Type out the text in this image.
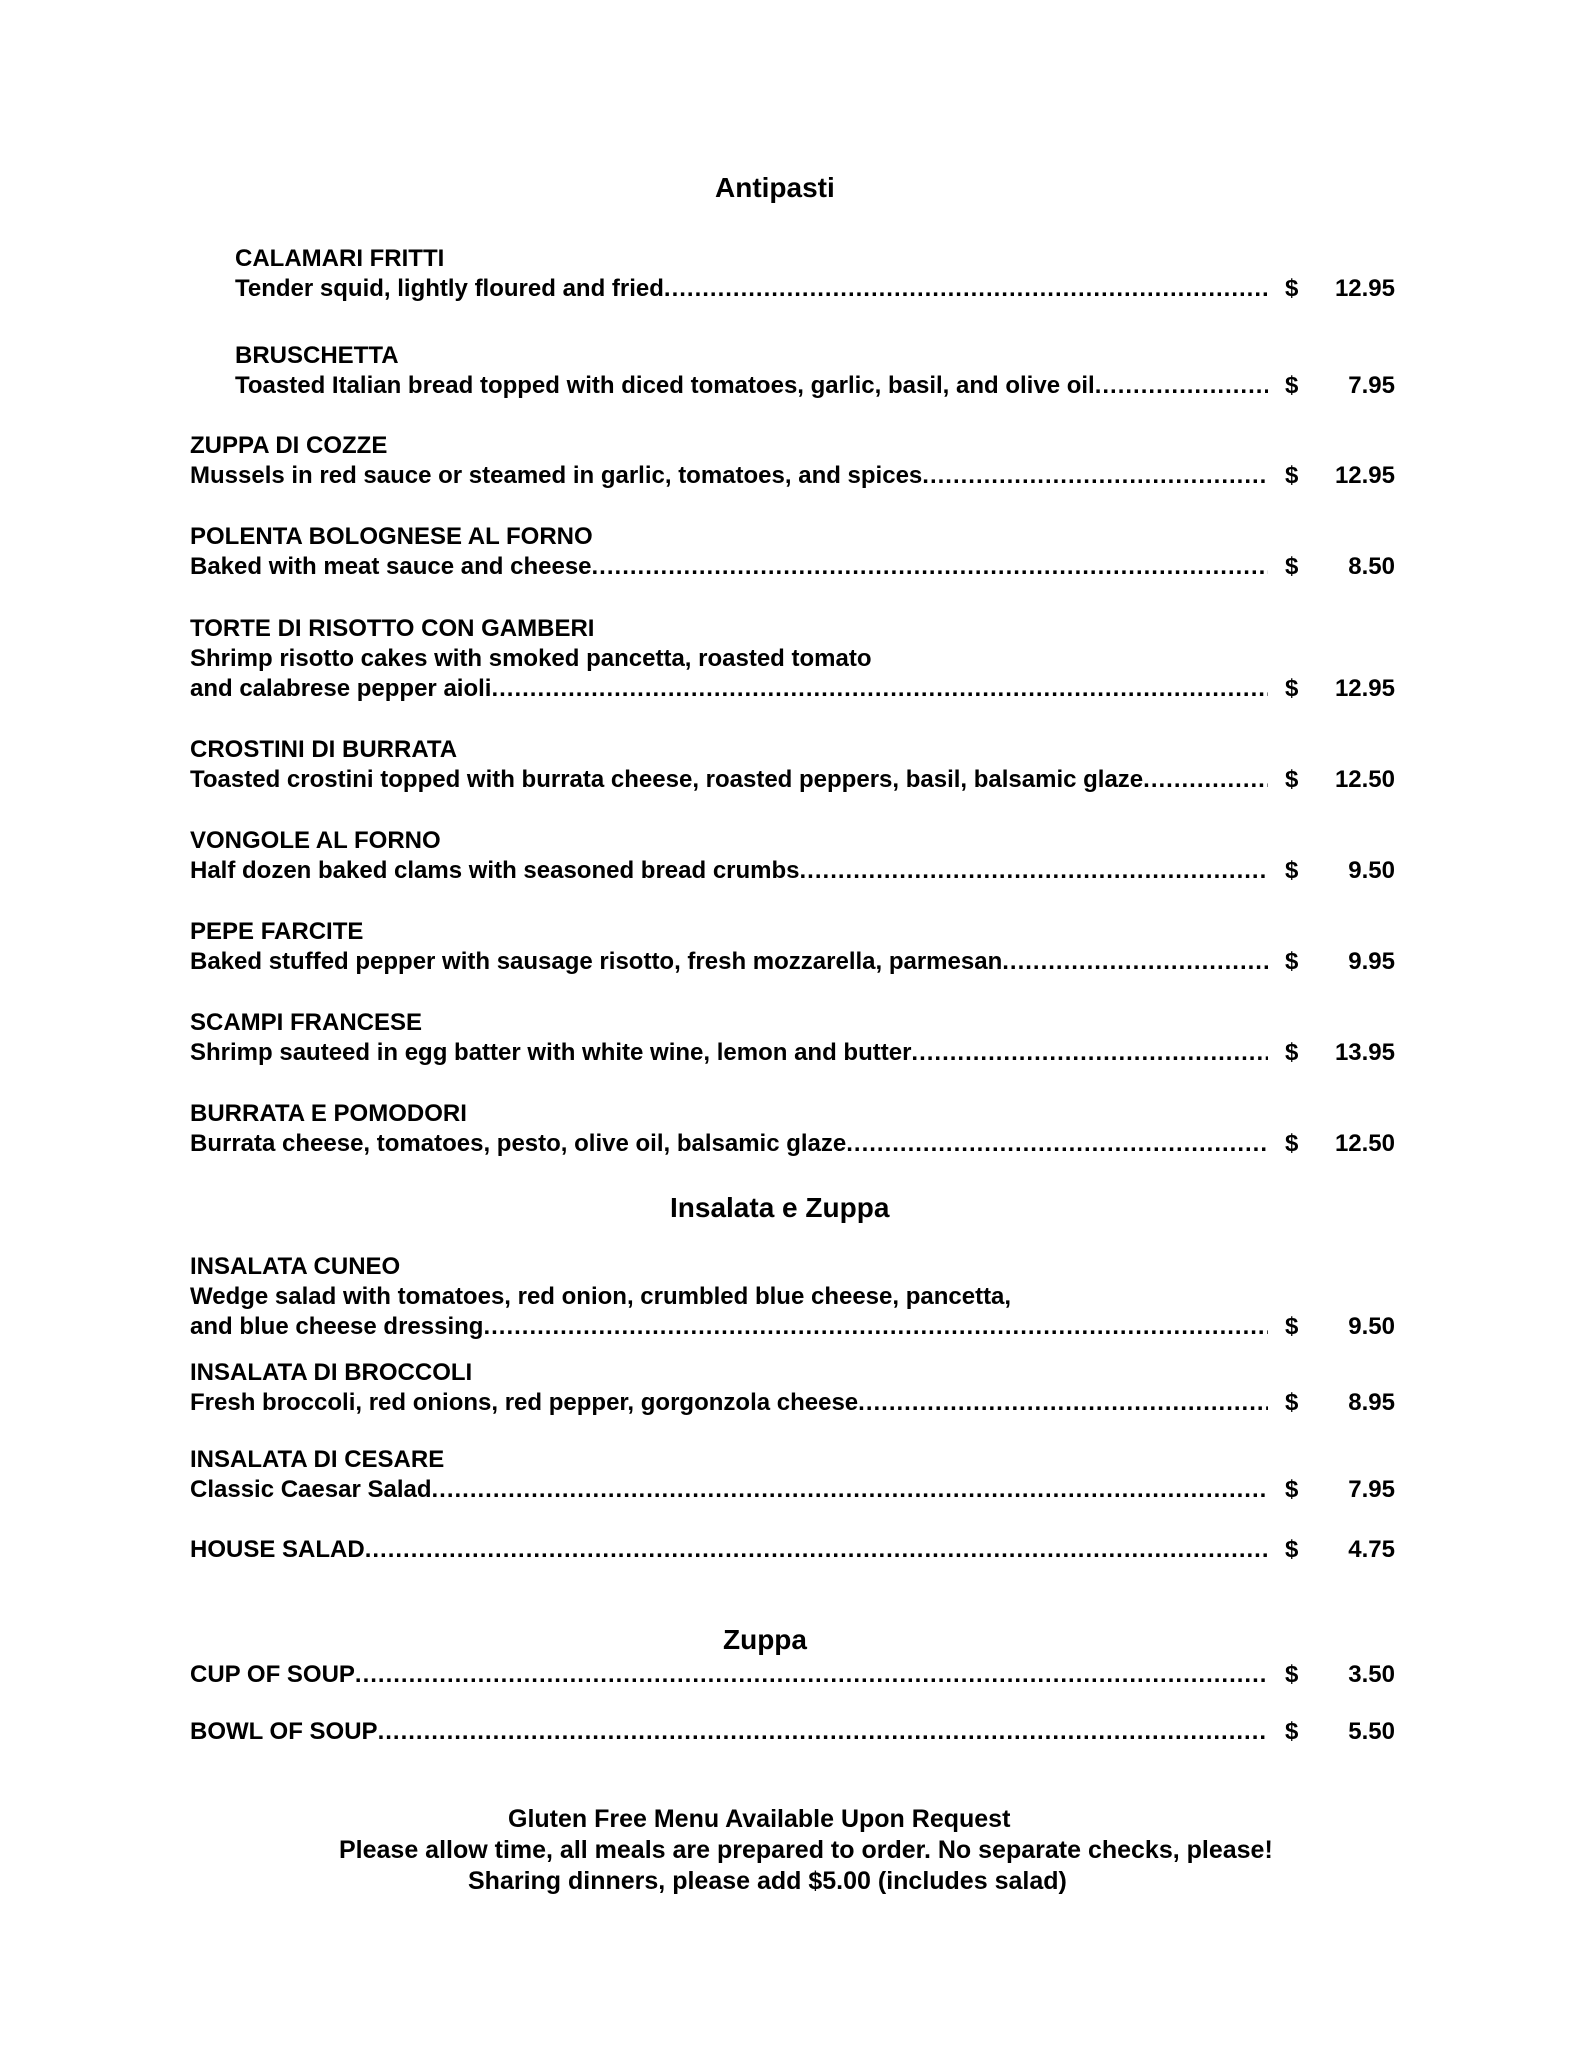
Antipasti
Insalata e Zuppa
Zuppa
CALAMARI FRITTI
Tender squid, lightly floured and fried .....	$ 12.95
BRUSCHETTA
Toasted Italian bread topped with diced tomatoes, garlic, basil, and olive oil .....	$ 7.95
ZUPPA DI COZZE
Mussels in red sauce or steamed in garlic, tomatoes, and spices .....	$ 12.95
POLENTA BOLOGNESE AL FORNO
Baked with meat sauce and cheese .....	$ 8.50
TORTE DI RISOTTO CON GAMBERI
Shrimp risotto cakes with smoked pancetta, roasted tomato
and calabrese pepper aioli .....	$ 12.95
CROSTINI DI BURRATA
Toasted crostini topped with burrata cheese, roasted peppers, basil, balsamic glaze .....	$ 12.50
VONGOLE AL FORNO
Half dozen baked clams with seasoned bread crumbs .....	$ 9.50
PEPE FARCITE
Baked stuffed pepper with sausage risotto, fresh mozzarella, parmesan .....	$ 9.95
SCAMPI FRANCESE
Shrimp sauteed in egg batter with white wine, lemon and butter .....	$ 13.95
BURRATA E POMODORI
Burrata cheese, tomatoes, pesto, olive oil, balsamic glaze .....	$ 12.50
INSALATA CUNEO
Wedge salad with tomatoes, red onion, crumbled blue cheese, pancetta,
and blue cheese dressing .....	$ 9.50
INSALATA DI BROCCOLI
Fresh broccoli, red onions, red pepper, gorgonzola cheese .....	$ 8.95
INSALATA DI CESARE
Classic Caesar Salad .....	$ 7.95
HOUSE SALAD .....	$ 4.75
CUP OF SOUP .....	$ 3.50
BOWL OF SOUP .....	$ 5.50
Gluten Free Menu Available Upon Request
Please allow time, all meals are prepared to order. No separate checks, please!
Sharing dinners, please add $5.00 (includes salad)
